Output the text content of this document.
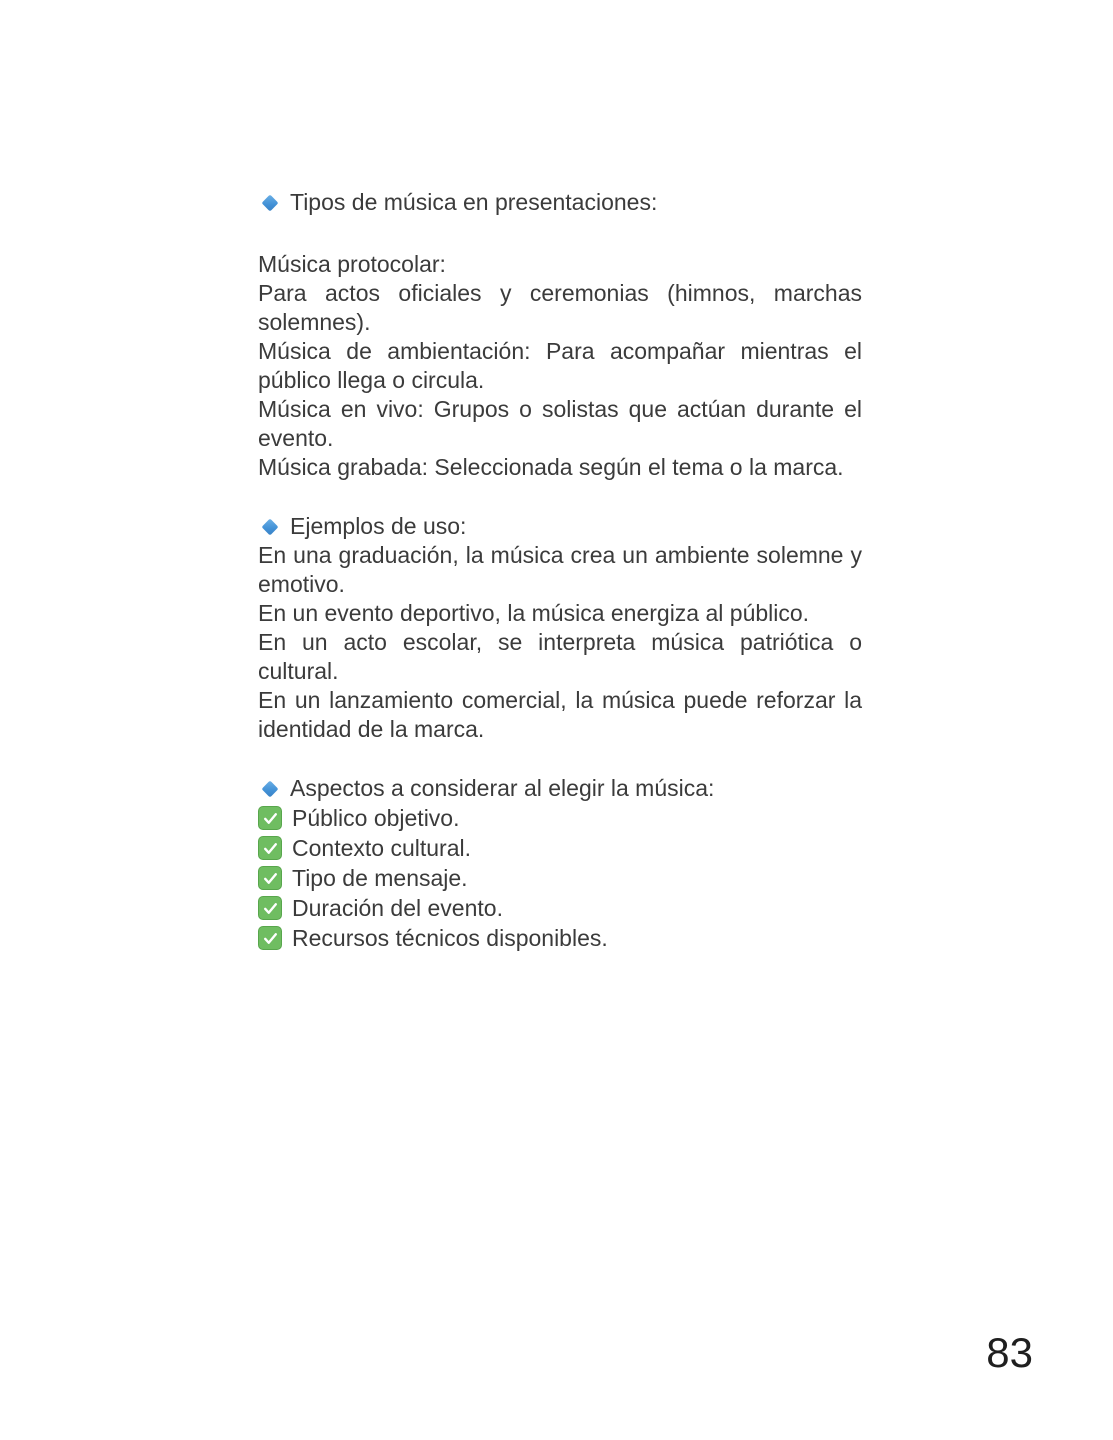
Tipos de música en presentaciones:

Música protocolar:

Para actos oficiales y ceremonias (himnos, marchas solemnes).

Música de ambientación: Para acompañar mientras el público llega o circula.

Música en vivo: Grupos o solistas que actúan durante el evento.

Música grabada: Seleccionada según el tema o la marca.

Ejemplos de uso:

En una graduación, la música crea un ambiente solemne y emotivo.

En un evento deportivo, la música energiza al público.

En un acto escolar, se interpreta música patriótica o cultural.

En un lanzamiento comercial, la música puede reforzar la identidad de la marca.

Aspectos a considerar al elegir la música:
Público objetivo.
Contexto cultural.
Tipo de mensaje.
Duración del evento.
Recursos técnicos disponibles.
83
